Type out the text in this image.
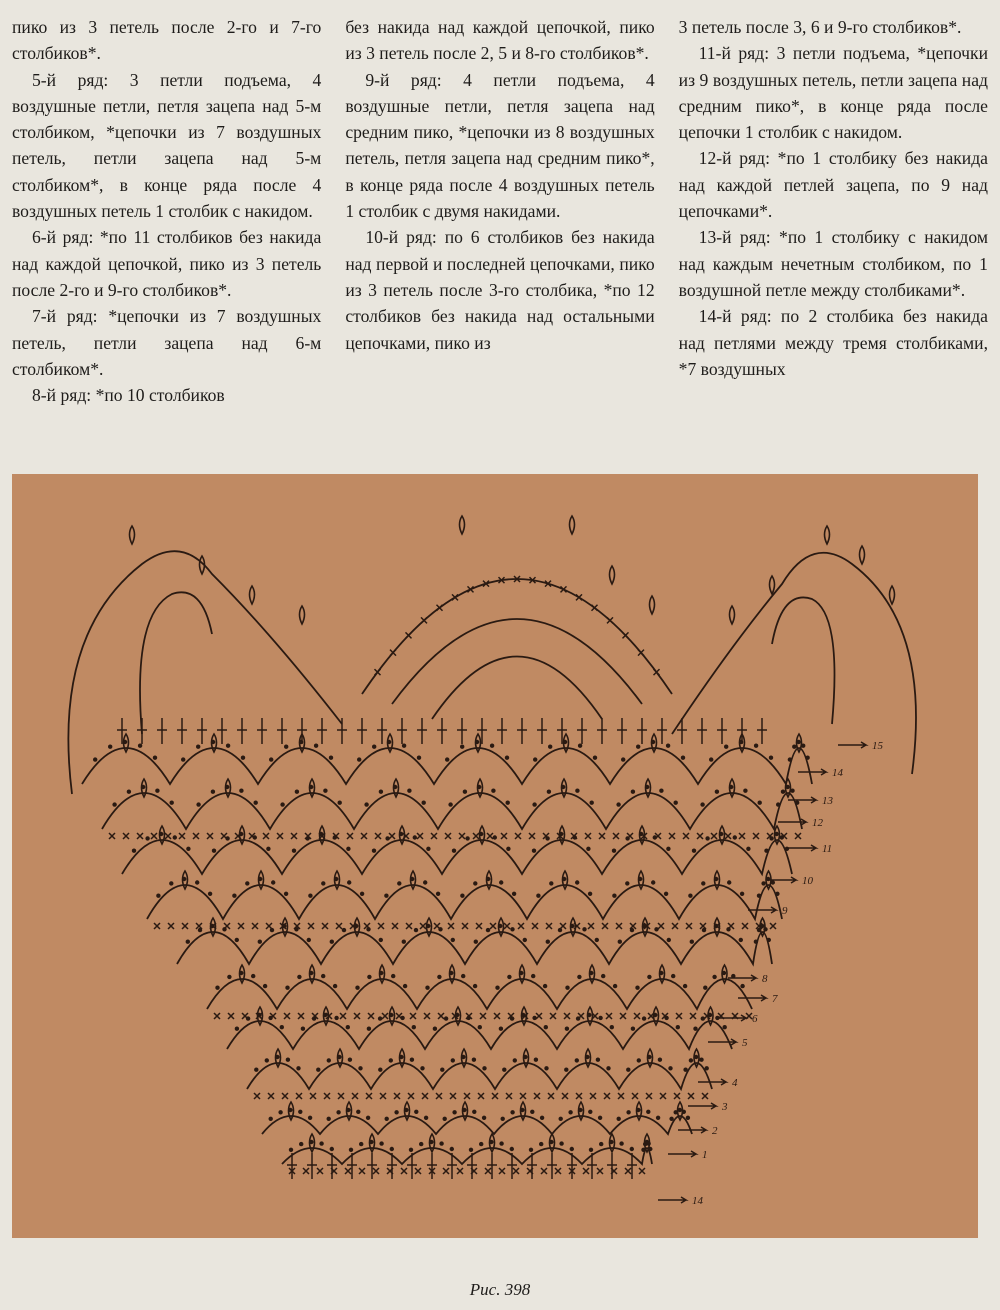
пико из 3 петель после 2-го и 7-го столбиков*.

5-й ряд: 3 петли подъема, 4 воздушные петли, петля зацепа над 5-м столбиком, *цепочки из 7 воздушных петель, петли зацепа над 5-м столбиком*, в конце ряда после 4 воздушных петель 1 столбик с накидом.

6-й ряд: *по 11 столбиков без накида над каждой цепочкой, пико из 3 петель после 2-го и 9-го столбиков*.

7-й ряд: *цепочки из 7 воздушных петель, петли зацепа над 6-м столбиком*.

8-й ряд: *по 10 столбиков

без накида над каждой цепочкой, пико из 3 петель после 2, 5 и 8-го столбиков*.

9-й ряд: 4 петли подъема, 4 воздушные петли, петля зацепа над средним пико, *цепочки из 8 воздушных петель, петля зацепа над средним пико*, в конце ряда после 4 воздушных петель 1 столбик с двумя накидами.

10-й ряд: по 6 столбиков без накида над первой и последней цепочками, пико из 3 петель после 3-го столбика, *по 12 столбиков без накида над остальными цепочками, пико из

3 петель после 3, 6 и 9-го столбиков*.

11-й ряд: 3 петли подъема, *цепочки из 9 воздушных петель, петли зацепа над средним пико*, в конце ряда после цепочки 1 столбик с накидом.

12-й ряд: *по 1 столбику без накида над каждой петлей зацепа, по 9 над цепочками*.

13-й ряд: *по 1 столбику с накидом над каждым нечетным столбиком, по 1 воздушной петле между столбиками*.

14-й ряд: по 2 столбика без накида над петлями между тремя столбиками, *7 воздушных

15
14
13
12
11
10
9
8
7
6
5
4
3
2
1
14
Рис. 398
